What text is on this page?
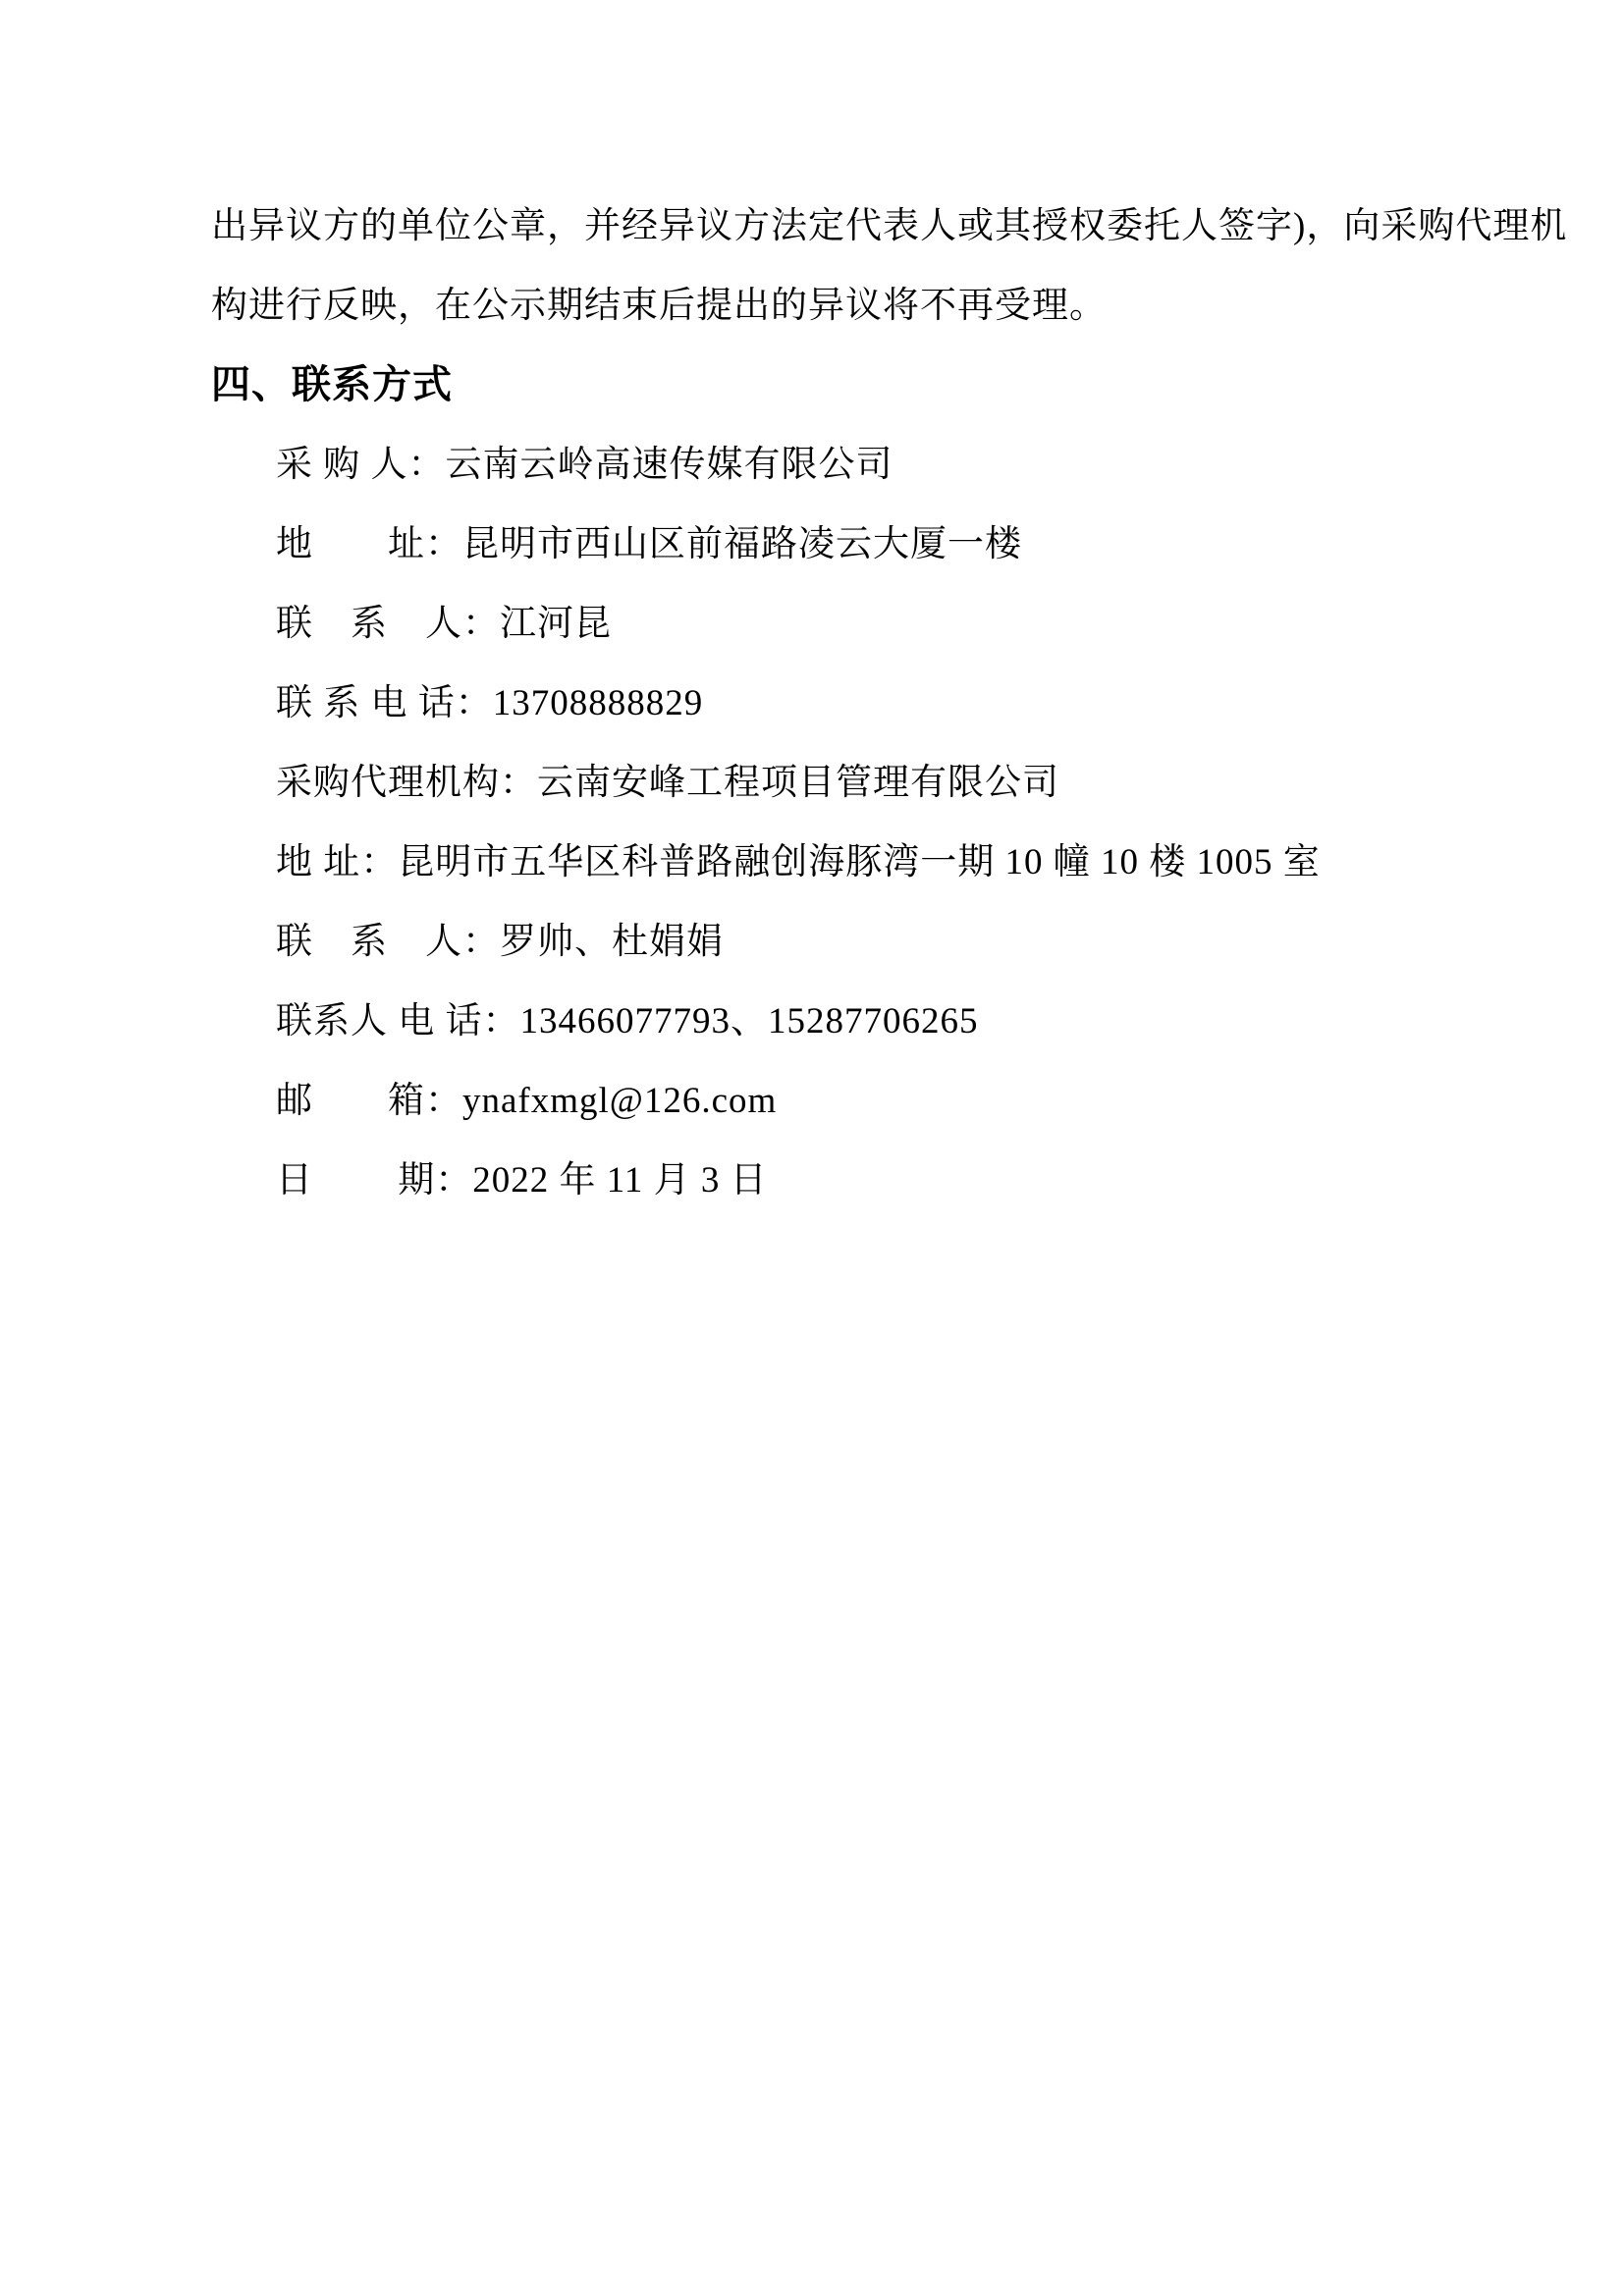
出异议方的单位公章，并经异议方法定代表人或其授权委托人签字)，向采购代理机
构进行反映，在公示期结束后提出的异议将不再受理。
四、联系方式
采 购 人：云南云岭高速传媒有限公司
地　　址：昆明市西山区前福路凌云大厦一楼
联　系　人：江河昆
联 系 电 话：13708888829
采购代理机构：云南安峰工程项目管理有限公司
地 址：昆明市五华区科普路融创海豚湾一期 10 幢 10 楼 1005 室
联　系　人：罗帅、杜娟娟
联系人 电 话：13466077793、15287706265
邮　　箱：ynafxmgl@126.com
日　　 期：2022 年 11 月 3 日
